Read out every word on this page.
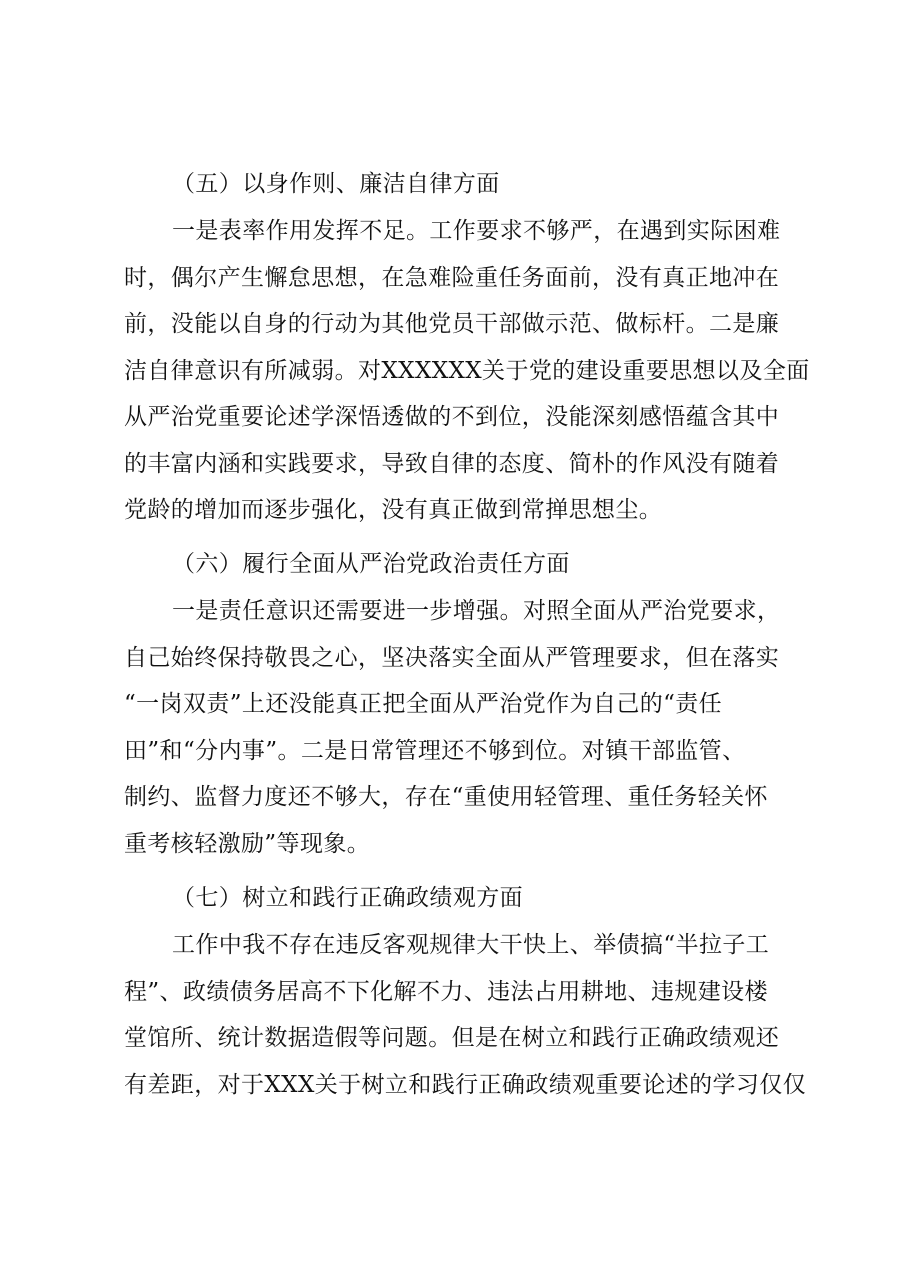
（五）以身作则、廉洁自律方面
一是表率作用发挥不足。工作要求不够严，在遇到实际困难
时，偶尔产生懈怠思想，在急难险重任务面前，没有真正地冲在
前，没能以自身的行动为其他党员干部做示范、做标杆。二是廉
洁自律意识有所减弱。对XXXXXX关于党的建设重要思想以及全面
从严治党重要论述学深悟透做的不到位，没能深刻感悟蕴含其中
的丰富内涵和实践要求，导致自律的态度、简朴的作风没有随着
党龄的增加而逐步强化，没有真正做到常掸思想尘。
（六）履行全面从严治党政治责任方面
一是责任意识还需要进一步增强。对照全面从严治党要求，
自己始终保持敬畏之心，坚决落实全面从严管理要求，但在落实
“一岗双责”上还没能真正把全面从严治党作为自己的“责任
田”和“分内事”。二是日常管理还不够到位。对镇干部监管、
制约、监督力度还不够大，存在“重使用轻管理、重任务轻关怀
重考核轻激励”等现象。
（七）树立和践行正确政绩观方面
工作中我不存在违反客观规律大干快上、举债搞“半拉子工
程”、政绩债务居高不下化解不力、违法占用耕地、违规建设楼
堂馆所、统计数据造假等问题。但是在树立和践行正确政绩观还
有差距，对于XXX关于树立和践行正确政绩观重要论述的学习仅仅
